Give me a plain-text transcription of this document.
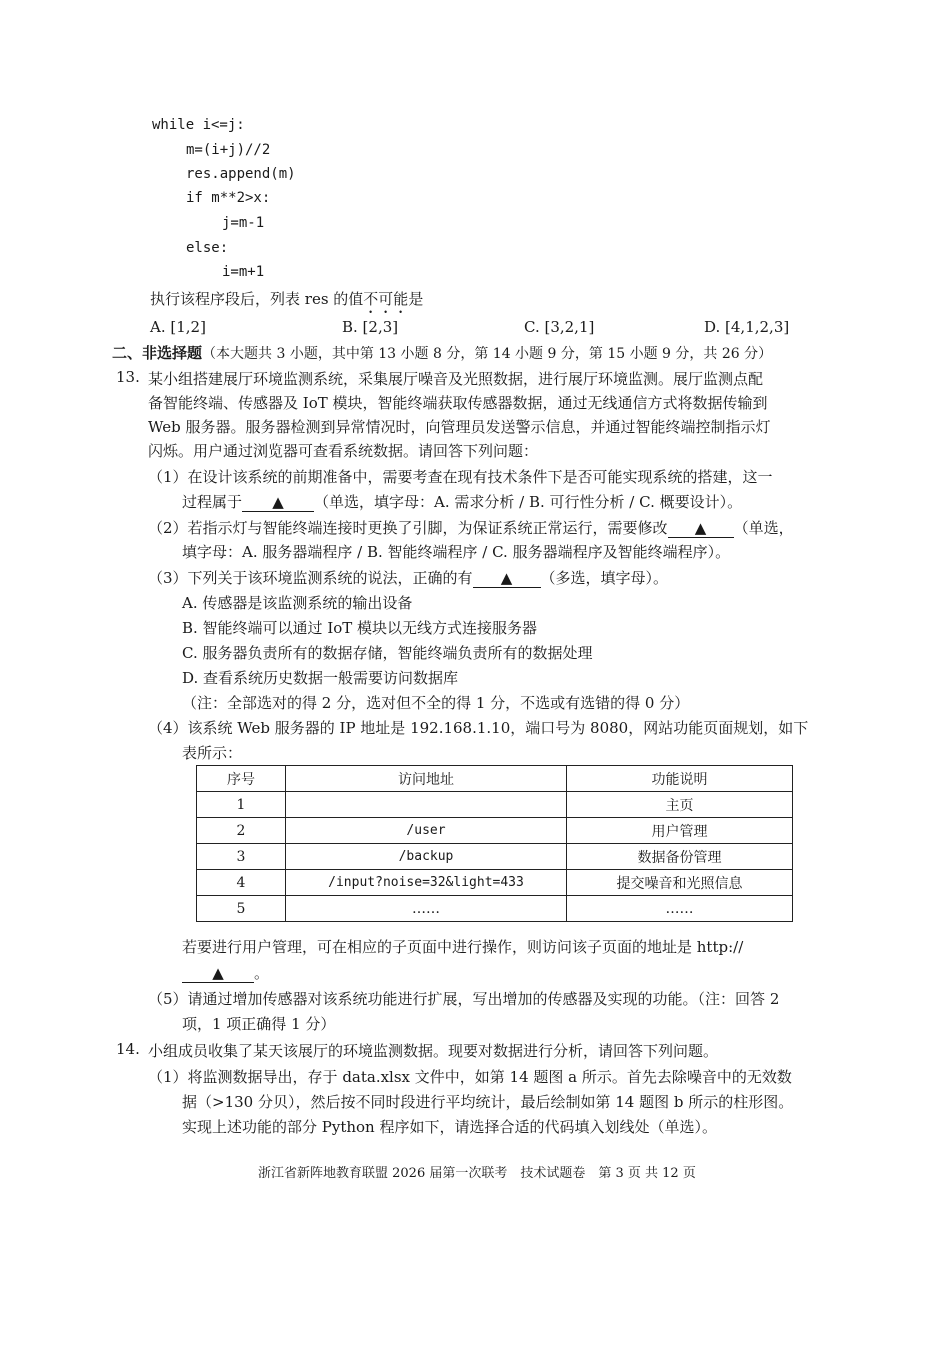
while i<=j:
m=(i+j)//2
res.append(m)
if m**2>x:
j=m-1
else:
i=m+1
执行该程序段后，列表 res 的值不可能是
A. [1,2]	B. [2,3]	C. [3,2,1]	D. [4,1,2,3]
二、非选择题（本大题共 3 小题，其中第 13 小题 8 分，第 14 小题 9 分，第 15 小题 9 分，共 26 分）
13. 某小组搭建展厅环境监测系统，采集展厅噪音及光照数据，进行展厅环境监测。展厅监测点配
备智能终端、传感器及 IoT 模块，智能终端获取传感器数据，通过无线通信方式将数据传输到
Web 服务器。服务器检测到异常情况时，向管理员发送警示信息，并通过智能终端控制指示灯
闪烁。用户通过浏览器可查看系统数据。请回答下列问题：
（1）在设计该系统的前期准备中，需要考查在现有技术条件下是否可能实现系统的搭建，这一
过程属于 ▲ （单选，填字母：A. 需求分析 / B. 可行性分析 / C. 概要设计）。
（2）若指示灯与智能终端连接时更换了引脚，为保证系统正常运行，需要修改 ▲ （单选，
填字母：A. 服务器端程序 / B. 智能终端程序 / C. 服务器端程序及智能终端程序）。
（3）下列关于该环境监测系统的说法，正确的有 ▲ （多选，填字母）。
A. 传感器是该监测系统的输出设备
B. 智能终端可以通过 IoT 模块以无线方式连接服务器
C. 服务器负责所有的数据存储，智能终端负责所有的数据处理
D. 查看系统历史数据一般需要访问数据库
（注：全部选对的得 2 分，选对但不全的得 1 分，不选或有选错的得 0 分）
（4）该系统 Web 服务器的 IP 地址是 192.168.1.10，端口号为 8080，网站功能页面规划，如下
表所示：
序号	访问地址	功能说明
1		主页
2	/user	用户管理
3	/backup	数据备份管理
4	/input?noise=32&light=433	提交噪音和光照信息
5	……	……
若要进行用户管理，可在相应的子页面中进行操作，则访问该子页面的地址是 http://
▲ 。
（5）请通过增加传感器对该系统功能进行扩展，写出增加的传感器及实现的功能。（注：回答 2
项，1 项正确得 1 分）
14. 小组成员收集了某天该展厅的环境监测数据。现要对数据进行分析，请回答下列问题。
（1）将监测数据导出，存于 data.xlsx 文件中，如第 14 题图 a 所示。首先去除噪音中的无效数
据（>130 分贝），然后按不同时段进行平均统计，最后绘制如第 14 题图 b 所示的柱形图。
实现上述功能的部分 Python 程序如下，请选择合适的代码填入划线处（单选）。
浙江省新阵地教育联盟 2026 届第一次联考　技术试题卷　第 3 页 共 12 页
